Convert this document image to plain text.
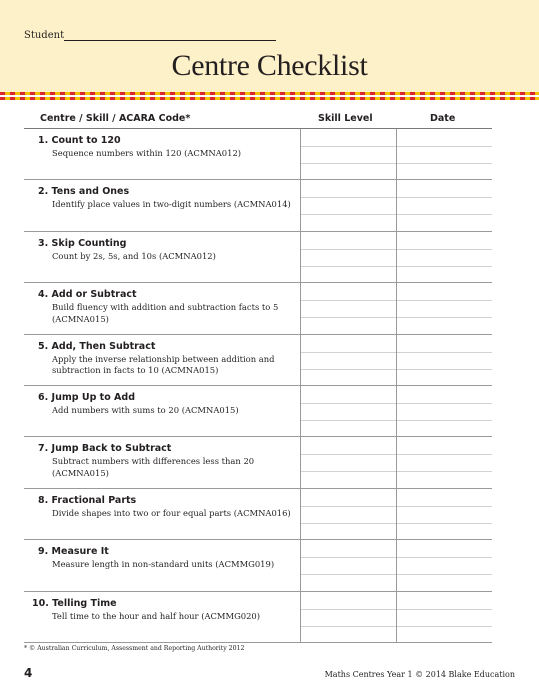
Student
Centre Checklist
Centre / Skill / ACARA Code*	Skill Level	Date
1. Count to 120
Sequence numbers within 120 (ACMNA012)
2. Tens and Ones
Identify place values in two-digit numbers (ACMNA014)
3. Skip Counting
Count by 2s, 5s, and 10s (ACMNA012)
4. Add or Subtract
Build fluency with addition and subtraction facts to 5 (ACMNA015)
5. Add, Then Subtract
Apply the inverse relationship between addition and subtraction in facts to 10 (ACMNA015)
6. Jump Up to Add
Add numbers with sums to 20 (ACMNA015)
7. Jump Back to Subtract
Subtract numbers with differences less than 20 (ACMNA015)
8. Fractional Parts
Divide shapes into two or four equal parts (ACMNA016)
9. Measure It
Measure length in non-standard units (ACMMG019)
10. Telling Time
Tell time to the hour and half hour (ACMMG020)
* © Australian Curriculum, Assessment and Reporting Authority 2012
4	Maths Centres Year 1 © 2014 Blake Education
